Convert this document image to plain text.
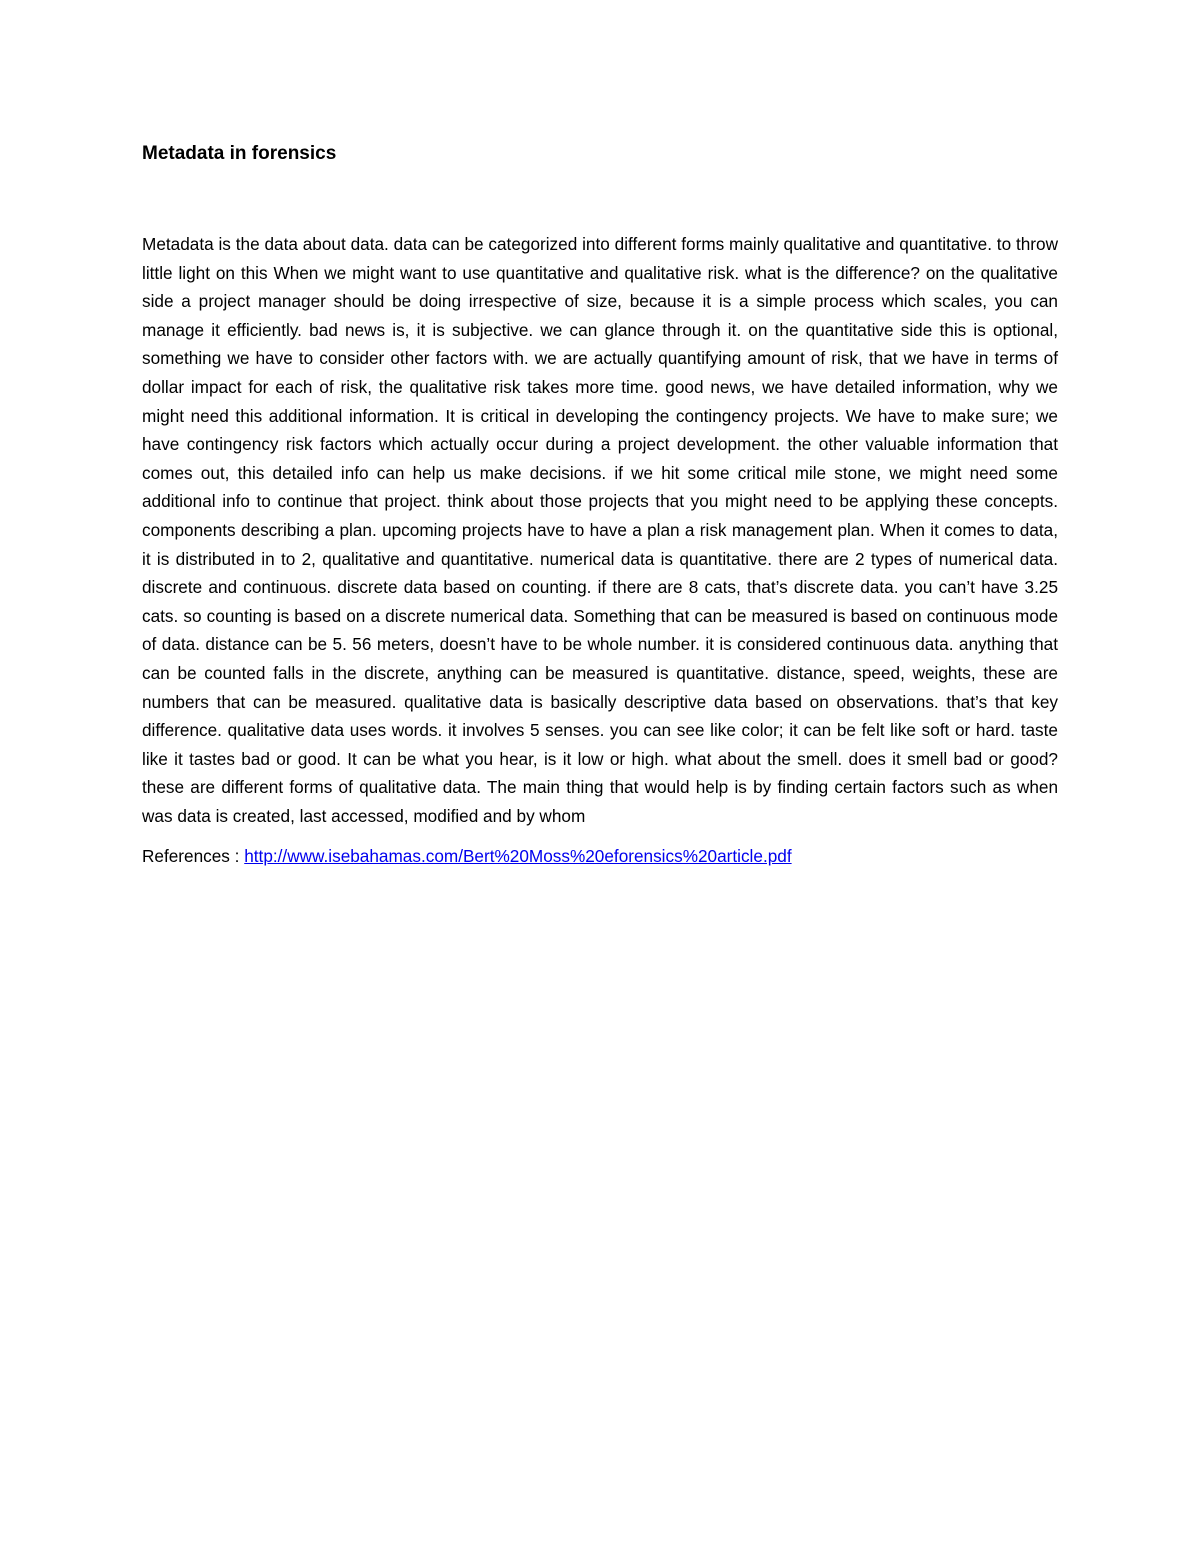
Metadata in forensics

Metadata is the data about data. data can be categorized into different forms mainly qualitative and quantitative. to throw little light on this When we might want to use quantitative and qualitative risk. what is the difference? on the qualitative side a project manager should be doing irrespective of size, because it is a simple process which scales, you can manage it efficiently. bad news is, it is subjective. we can glance through it. on the quantitative side this is optional, something we have to consider other factors with. we are actually quantifying amount of risk, that we have in terms of dollar impact for each of risk, the qualitative risk takes more time. good news, we have detailed information, why we might need this additional information. It is critical in developing the contingency projects. We have to make sure; we have contingency risk factors which actually occur during a project development. the other valuable information that comes out, this detailed info can help us make decisions. if we hit some critical mile stone, we might need some additional info to continue that project. think about those projects that you might need to be applying these concepts. components describing a plan. upcoming projects have to have a plan a risk management plan. When it comes to data, it is distributed in to 2, qualitative and quantitative. numerical data is quantitative. there are 2 types of numerical data. discrete and continuous. discrete data based on counting. if there are 8 cats, that’s discrete data. you can’t have 3.25 cats. so counting is based on a discrete numerical data. Something that can be measured is based on continuous mode of data. distance can be 5. 56 meters, doesn’t have to be whole number. it is considered continuous data. anything that can be counted falls in the discrete, anything can be measured is quantitative. distance, speed, weights, these are numbers that can be measured. qualitative data is basically descriptive data based on observations. that’s that key difference. qualitative data uses words. it involves 5 senses. you can see like color; it can be felt like soft or hard. taste like it tastes bad or good. It can be what you hear, is it low or high. what about the smell. does it smell bad or good? these are different forms of qualitative data. The main thing that would help is by finding certain factors such as when was data is created, last accessed, modified and by whom

References : http://www.isebahamas.com/Bert%20Moss%20eforensics%20article.pdf
